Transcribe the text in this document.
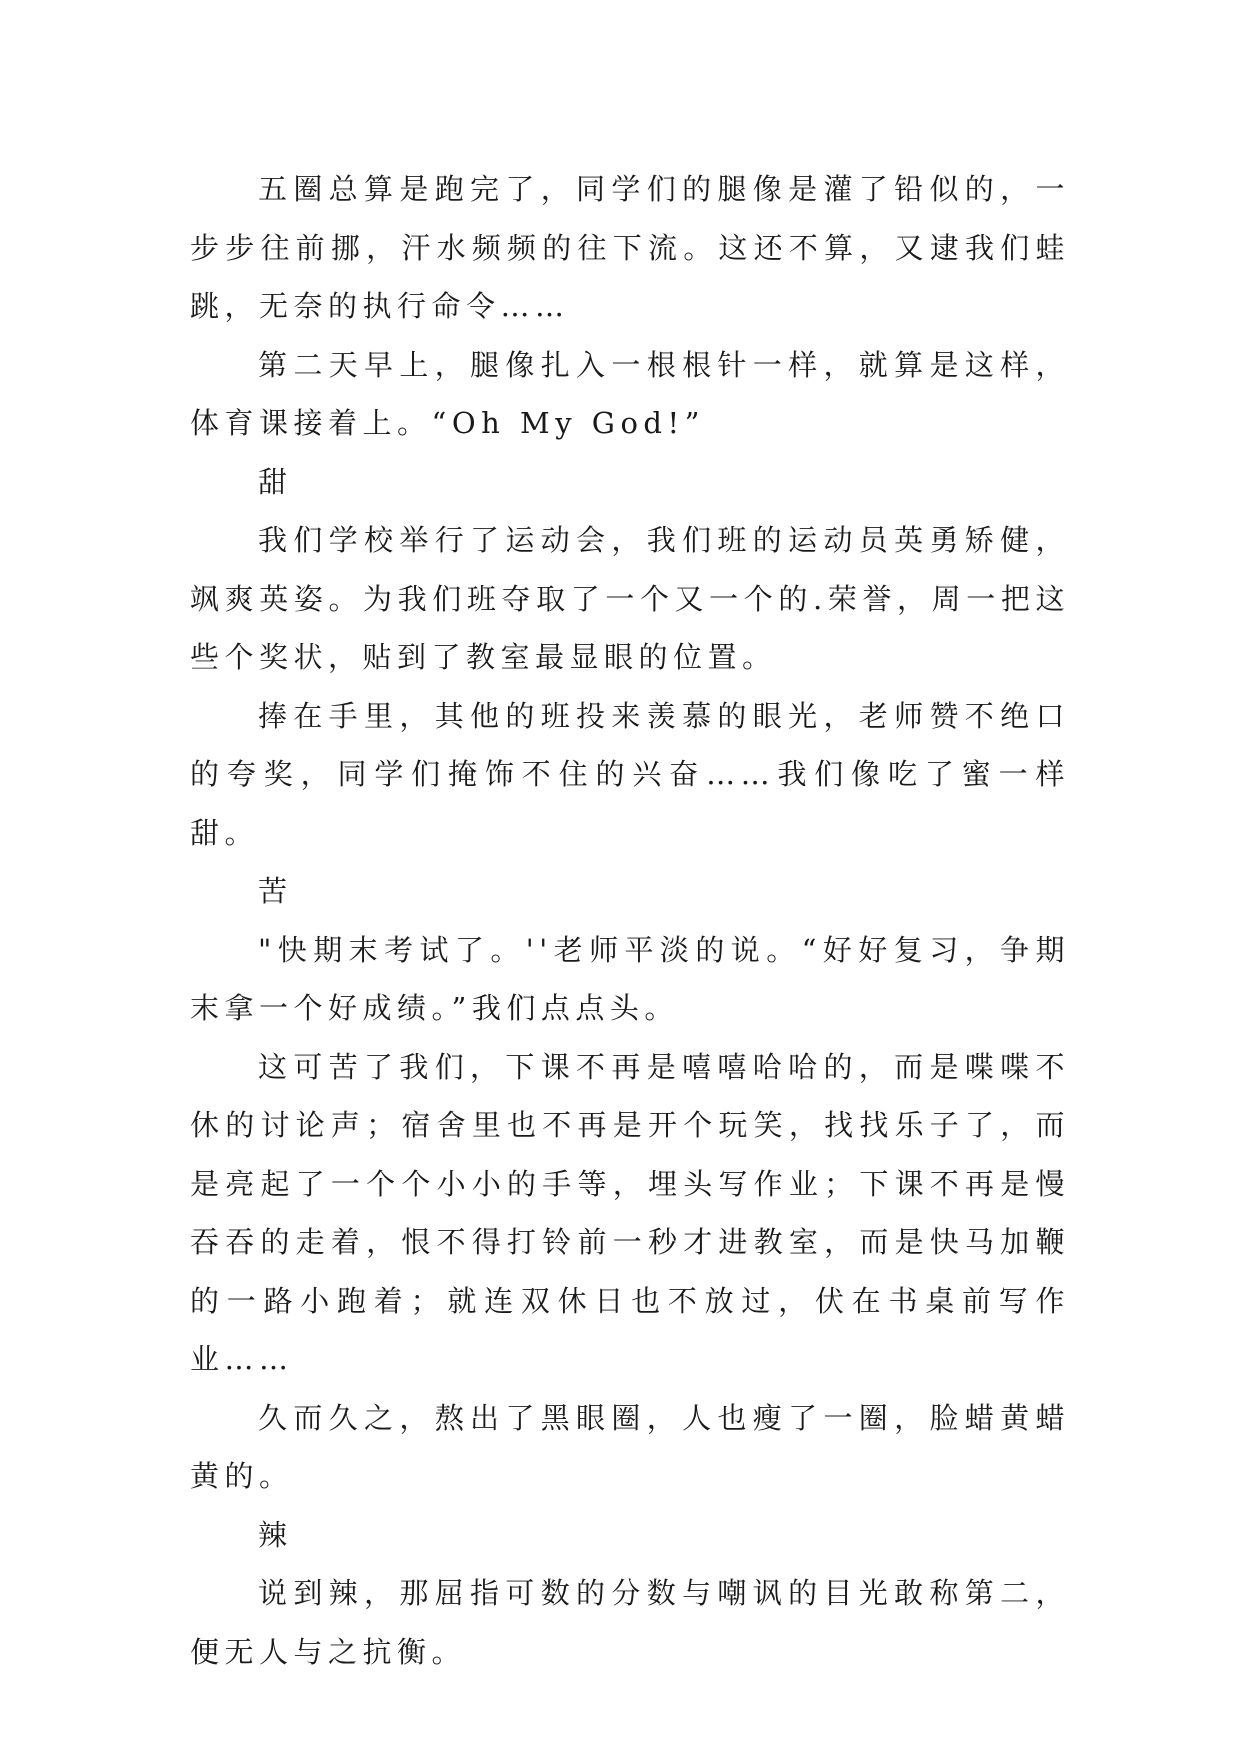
五圈总算是跑完了，同学们的腿像是灌了铅似的，一步步往前挪，汗水频频的往下流。这还不算，又逮我们蛙跳，无奈的执行命令……

第二天早上，腿像扎入一根根针一样，就算是这样，体育课接着上。“Oh My God!”

甜

我们学校举行了运动会，我们班的运动员英勇矫健，飒爽英姿。为我们班夺取了一个又一个的.荣誉，周一把这些个奖状，贴到了教室最显眼的位置。

捧在手里，其他的班投来羡慕的眼光，老师赞不绝口的夸奖，同学们掩饰不住的兴奋……我们像吃了蜜一样甜。

苦

"快期末考试了。''老师平淡的说。“好好复习，争期末拿一个好成绩。”我们点点头。

这可苦了我们，下课不再是嘻嘻哈哈的，而是喋喋不休的讨论声；宿舍里也不再是开个玩笑，找找乐子了，而是亮起了一个个小小的手等，埋头写作业；下课不再是慢吞吞的走着，恨不得打铃前一秒才进教室，而是快马加鞭的一路小跑着；就连双休日也不放过，伏在书桌前写作业……

久而久之，熬出了黑眼圈，人也瘦了一圈，脸蜡黄蜡黄的。

辣

说到辣，那屈指可数的分数与嘲讽的目光敢称第二，便无人与之抗衡。
